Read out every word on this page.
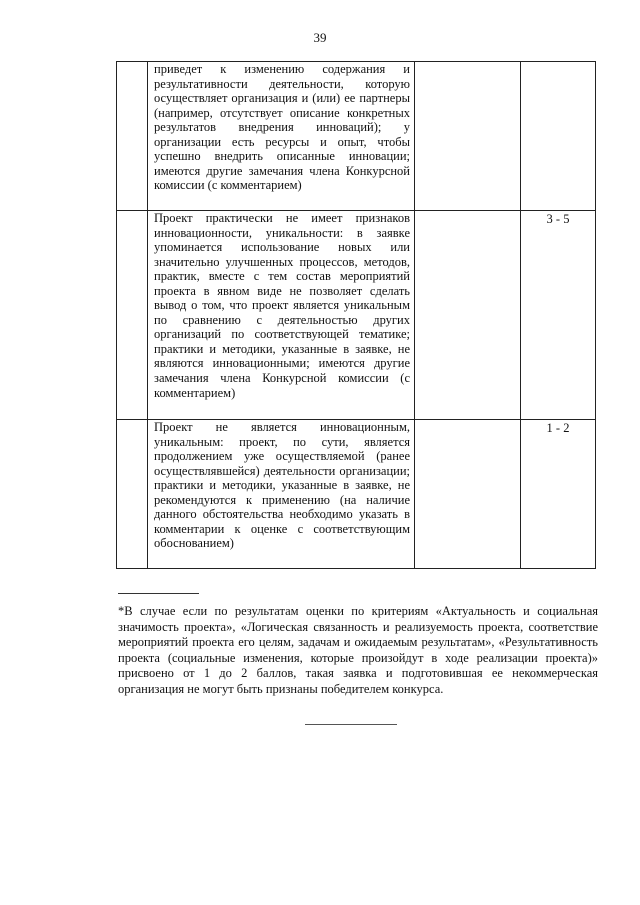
39

	приведет к изменению содержания и результативности деятельности, которую осуществляет организация и (или) ее партнеры (например, отсутствует описание конкретных результатов внедрения инноваций); у организации есть ресурсы и опыт, чтобы успешно внедрить описанные инновации; имеются другие замечания члена Конкурсной комиссии (с комментарием)		

	Проект практически не имеет признаков инновационности, уникальности: в заявке упоминается использование новых или значительно улучшенных процессов, методов, практик, вместе с тем состав мероприятий проекта в явном виде не позволяет сделать вывод о том, что проект является уникальным по сравнению с деятельностью других организаций по соответствующей тематике; практики и методики, указанные в заявке, не являются инновационными; имеются другие замечания члена Конкурсной комиссии (с комментарием)		3 - 5

	Проект не является инновационным, уникальным: проект, по сути, является продолжением уже осуществляемой (ранее осуществлявшейся) деятельности организации; практики и методики, указанные в заявке, не рекомендуются к применению (на наличие данного обстоятельства необходимо указать в комментарии к оценке с соответствующим обоснованием)		1 - 2
*В случае если по результатам оценки по критериям «Актуальность и социальная значимость проекта», «Логическая связанность и реализуемость проекта, соответствие мероприятий проекта его целям, задачам и ожидаемым результатам», «Результативность проекта (социальные изменения, которые произойдут в ходе реализации проекта)» присвоено от 1 до 2 баллов, такая заявка и подготовившая ее некоммерческая организация не могут быть признаны победителем конкурса.
